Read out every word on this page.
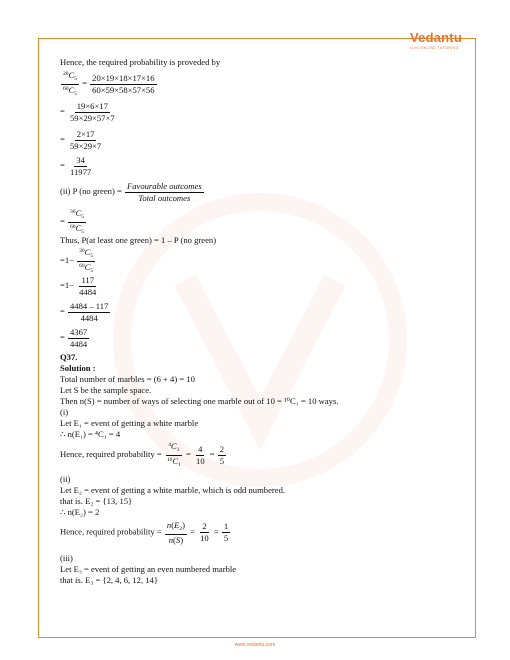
Vedantu
LIVE ONLINE TUTORING
Hence, the required probability is proveded by
$\frac{^{20}C_5}{^{60}C_5} = \frac{20\times 19\times 18\times 17\times 16}{60\times 59\times 58\times 57\times 56}$
= $\frac{19\times 6\times 17}{59\times 29\times 57\times 7}$
= $\frac{2\times 17}{59\times 29\times 7}$
= $\frac{34}{11977}$
(ii) P (no green) = $\frac{\text{Favourable outcomes}}{\text{Total outcomes}}$
= $\frac{^{30}C_5}{^{60}C_5}$
Thus, P(at least one green) = 1 – P (no green)
$=1- \frac{^{30}C_5}{^{60}C_5}$
$=1- \frac{117}{4484}$
= $\frac{4484 - 117}{4484}$
= $\frac{4367}{4484}$
Q37.
Solution :
Total number of marbles = (6 + 4) = 10
Let S be the sample space.
Then n(S) = number of ways of selecting one marble out of 10 = ¹⁰C₁ = 10 ways.
(i)
Let E₁ = event of getting a white marble
∴ n(E₁) = ⁴C₁ = 4
Hence, required probability = $\frac{^4C_1}{^{10}C_1} = \frac{4}{10} = \frac{2}{5}$
(ii)
Let E₂ = event of getting a white marble, which is odd numbered.
that is. E₂ = {13, 15}
∴ n(E₂) = 2
Hence, required probability = $\frac{n(E_2)}{n(S)} = \frac{2}{10} = \frac{1}{5}$
(iii)
Let E₃ = event of getting an even numbered marble
that is. E₃ = {2, 4, 6, 12, 14}
www.vedantu.com
